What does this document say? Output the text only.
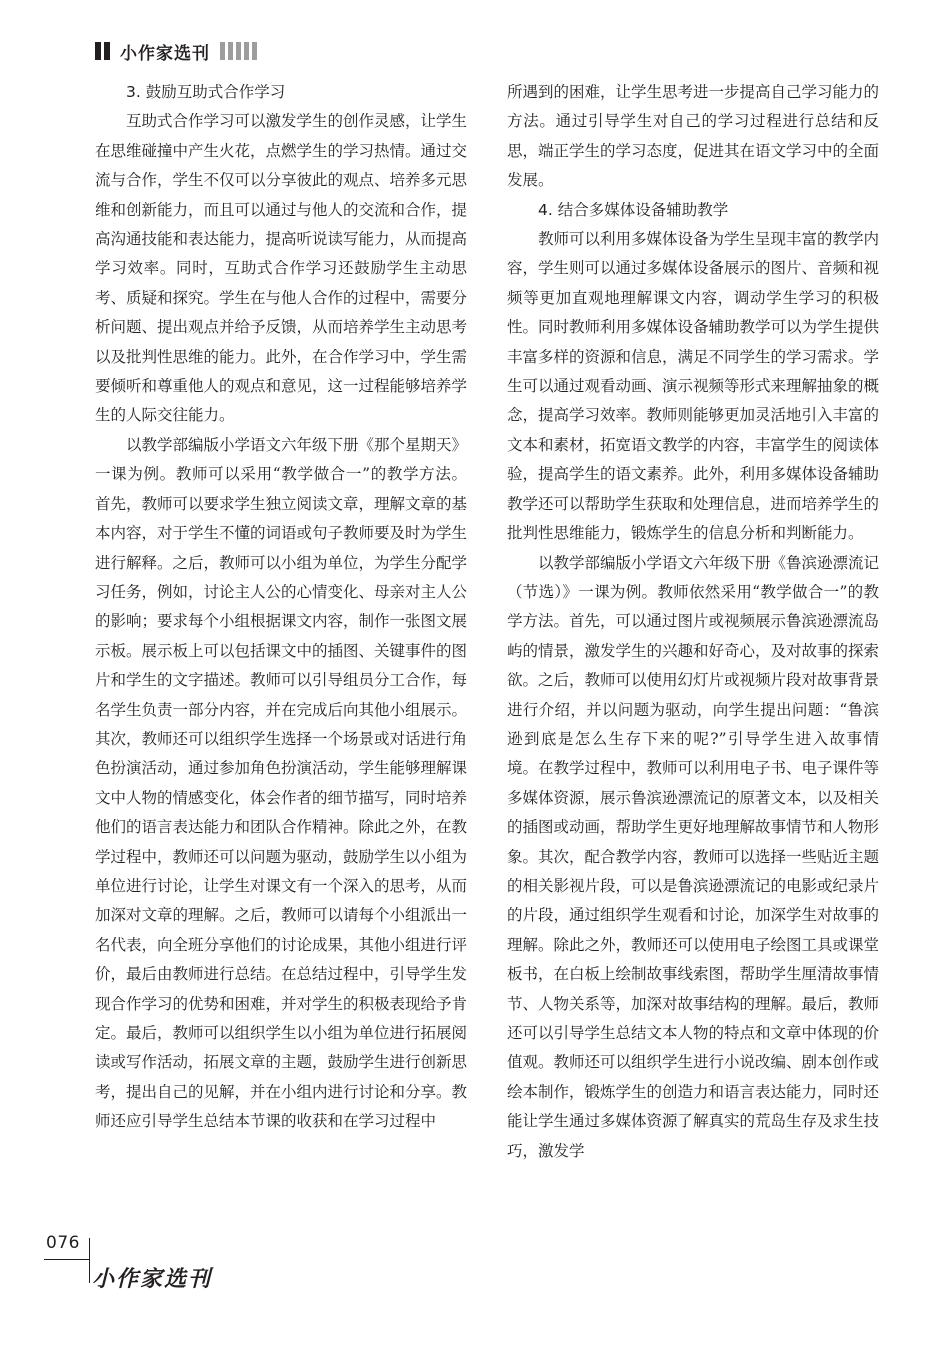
小作家选刊

3. 鼓励互助式合作学习

互助式合作学习可以激发学生的创作灵感，让学生在思维碰撞中产生火花，点燃学生的学习热情。通过交流与合作，学生不仅可以分享彼此的观点、培养多元思维和创新能力，而且可以通过与他人的交流和合作，提高沟通技能和表达能力，提高听说读写能力，从而提高学习效率。同时，互助式合作学习还鼓励学生主动思考、质疑和探究。学生在与他人合作的过程中，需要分析问题、提出观点并给予反馈，从而培养学生主动思考以及批判性思维的能力。此外，在合作学习中，学生需要倾听和尊重他人的观点和意见，这一过程能够培养学生的人际交往能力。

以教学部编版小学语文六年级下册《那个星期天》一课为例。教师可以采用“教学做合一”的教学方法。首先，教师可以要求学生独立阅读文章，理解文章的基本内容，对于学生不懂的词语或句子教师要及时为学生进行解释。之后，教师可以小组为单位，为学生分配学习任务，例如，讨论主人公的心情变化、母亲对主人公的影响；要求每个小组根据课文内容，制作一张图文展示板。展示板上可以包括课文中的插图、关键事件的图片和学生的文字描述。教师可以引导组员分工合作，每名学生负责一部分内容，并在完成后向其他小组展示。其次，教师还可以组织学生选择一个场景或对话进行角色扮演活动，通过参加角色扮演活动，学生能够理解课文中人物的情感变化，体会作者的细节描写，同时培养他们的语言表达能力和团队合作精神。除此之外，在教学过程中，教师还可以问题为驱动，鼓励学生以小组为单位进行讨论，让学生对课文有一个深入的思考，从而加深对文章的理解。之后，教师可以请每个小组派出一名代表，向全班分享他们的讨论成果，其他小组进行评价，最后由教师进行总结。在总结过程中，引导学生发现合作学习的优势和困难，并对学生的积极表现给予肯定。最后，教师可以组织学生以小组为单位进行拓展阅读或写作活动，拓展文章的主题，鼓励学生进行创新思考，提出自己的见解，并在小组内进行讨论和分享。教师还应引导学生总结本节课的收获和在学习过程中

所遇到的困难，让学生思考进一步提高自己学习能力的方法。通过引导学生对自己的学习过程进行总结和反思，端正学生的学习态度，促进其在语文学习中的全面发展。

4. 结合多媒体设备辅助教学

教师可以利用多媒体设备为学生呈现丰富的教学内容，学生则可以通过多媒体设备展示的图片、音频和视频等更加直观地理解课文内容，调动学生学习的积极性。同时教师利用多媒体设备辅助教学可以为学生提供丰富多样的资源和信息，满足不同学生的学习需求。学生可以通过观看动画、演示视频等形式来理解抽象的概念，提高学习效率。教师则能够更加灵活地引入丰富的文本和素材，拓宽语文教学的内容，丰富学生的阅读体验，提高学生的语文素养。此外，利用多媒体设备辅助教学还可以帮助学生获取和处理信息，进而培养学生的批判性思维能力，锻炼学生的信息分析和判断能力。

以教学部编版小学语文六年级下册《鲁滨逊漂流记（节选）》一课为例。教师依然采用“教学做合一”的教学方法。首先，可以通过图片或视频展示鲁滨逊漂流岛屿的情景，激发学生的兴趣和好奇心，及对故事的探索欲。之后，教师可以使用幻灯片或视频片段对故事背景进行介绍，并以问题为驱动，向学生提出问题：“鲁滨逊到底是怎么生存下来的呢?”引导学生进入故事情境。在教学过程中，教师可以利用电子书、电子课件等多媒体资源，展示鲁滨逊漂流记的原著文本，以及相关的插图或动画，帮助学生更好地理解故事情节和人物形象。其次，配合教学内容，教师可以选择一些贴近主题的相关影视片段，可以是鲁滨逊漂流记的电影或纪录片的片段，通过组织学生观看和讨论，加深学生对故事的理解。除此之外，教师还可以使用电子绘图工具或课堂板书，在白板上绘制故事线索图，帮助学生厘清故事情节、人物关系等，加深对故事结构的理解。最后，教师还可以引导学生总结文本人物的特点和文章中体现的价值观。教师还可以组织学生进行小说改编、剧本创作或绘本制作，锻炼学生的创造力和语言表达能力，同时还能让学生通过多媒体资源了解真实的荒岛生存及求生技巧，激发学

076
小作家选刊
